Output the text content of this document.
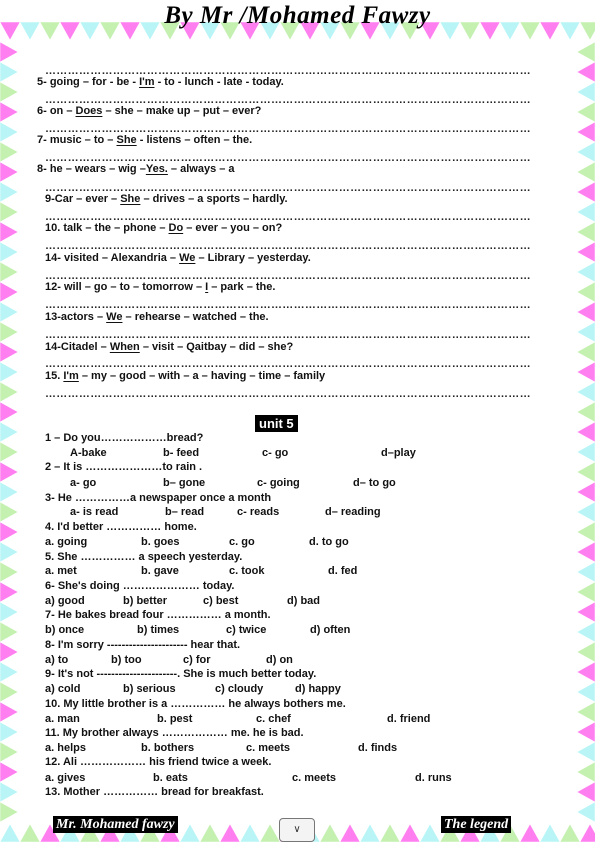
By Mr /Mohamed Fawzy
…………………………………………………………………………………………………………………
…………………………………………………………………………………………………………………
…………………………………………………………………………………………………………………
…………………………………………………………………………………………………………………
…………………………………………………………………………………………………………………
…………………………………………………………………………………………………………………
…………………………………………………………………………………………………………………
…………………………………………………………………………………………………………………
…………………………………………………………………………………………………………………
…………………………………………………………………………………………………………………
…………………………………………………………………………………………………………………
…………………………………………………………………………………………………………………
5- going – for - be - I'm - to - lunch - late - today.
6- on – Does – she – make up – put – ever?
7- music – to – She - listens – often – the.
8- he – wears – wig –Yes. – always – a
9-Car – ever – She – drives – a sports – hardly.
10. talk – the – phone – Do – ever – you – on?
14- visited – Alexandria – We – Library – yesterday.
12- will – go – to – tomorrow – I – park – the.
13-actors – We – rehearse – watched – the.
14-Citadel – When – visit – Qaitbay – did – she?
15. I'm – my – good – with – a – having – time – family
unit 5
1 – Do you………………bread?
A-bake	b- feed	c- go	d–play
2 – It is …………………to rain .
a- go	b– gone	c- going	d– to go
3- He ……………a newspaper once a month
a- is read	b– read	c- reads	d– reading
4. I'd better …………… home.
a. going	b. goes	c. go	d. to go
5. She …………… a speech yesterday.
a. met	b. gave	c. took	d. fed
6- She's doing ………………… today.
a) good	b) better	c) best	d) bad
7- He bakes bread four …………… a month.
b) once	b) times	c) twice	d) often
8- I'm sorry ---------------------- hear that.
a) to	b) too	c) for	d) on
9- It's not ----------------------. She is much better today.
a) cold	b) serious	c) cloudy	d) happy
10. My little brother is a …………… he always bothers me.
a. man	b. pest	c. chef	d. friend
11. My brother always ……………… me. he is bad.
a. helps	b. bothers	c. meets	d. finds
12. Ali ……………… his friend twice a week.
a. gives	b. eats	c. meets	d. runs
13. Mother …………… bread for breakfast.
Mr. Mohamed fawzy	∨	The legend
